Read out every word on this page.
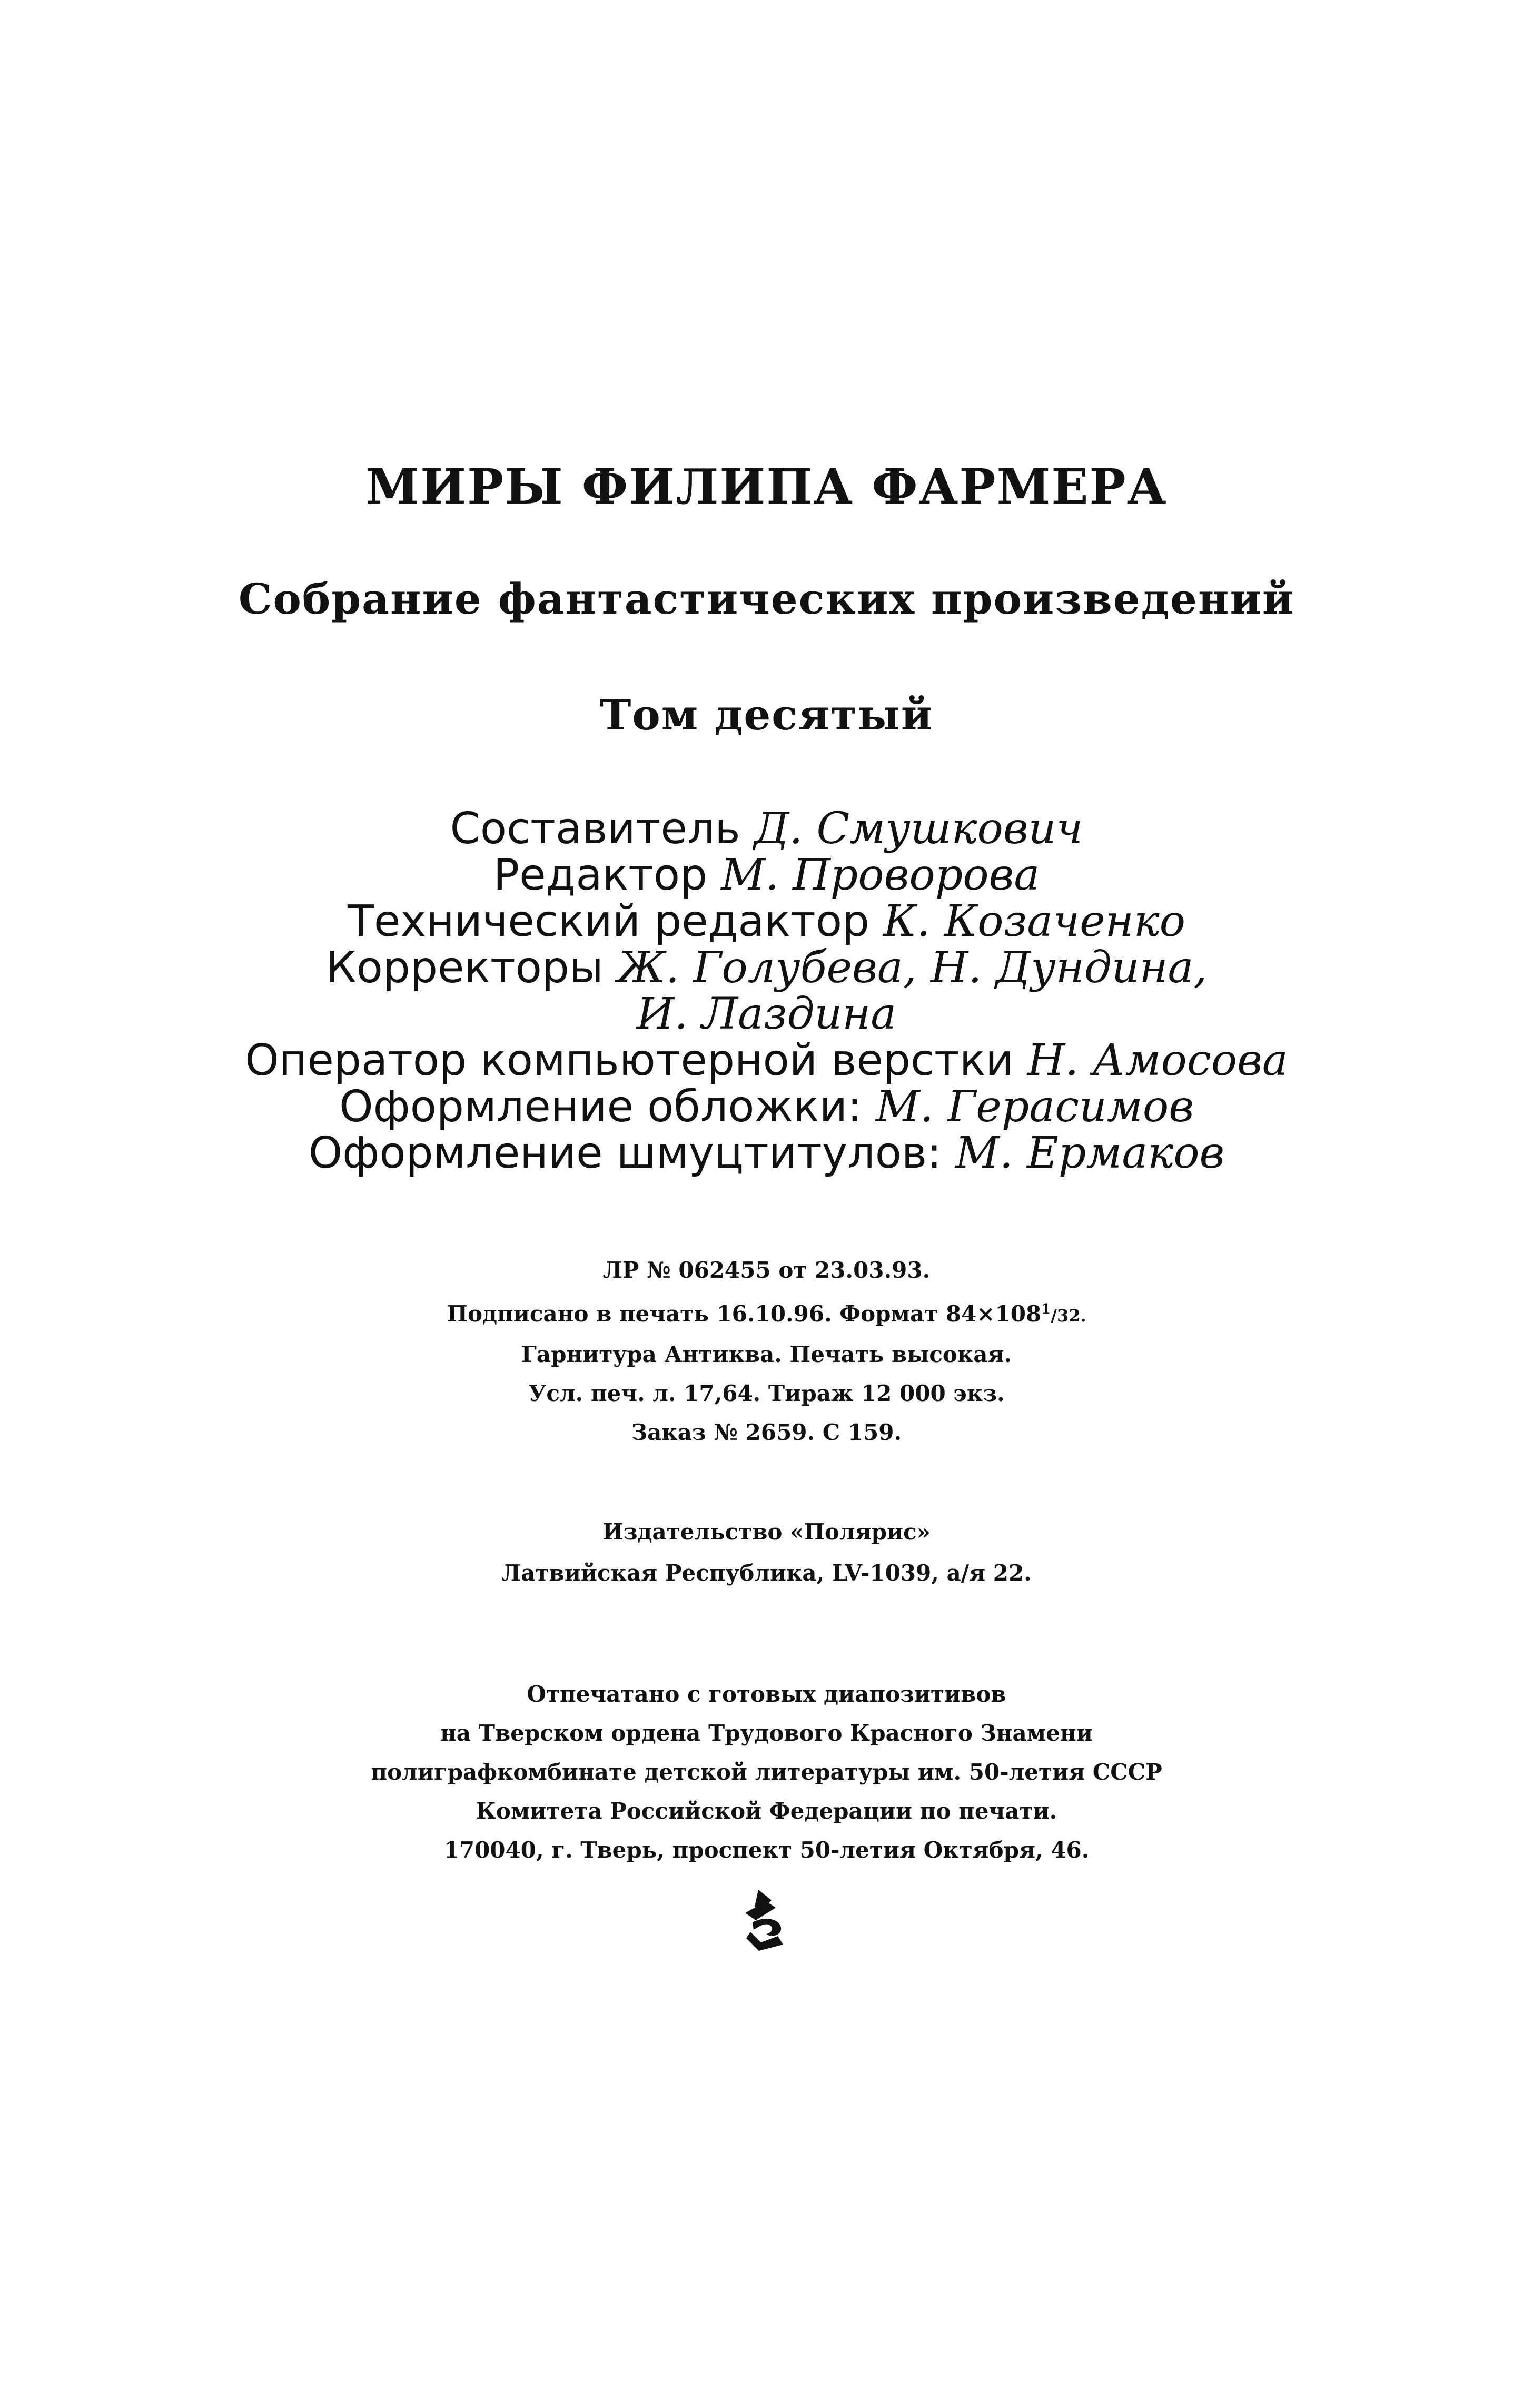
МИРЫ ФИЛИПА ФАРМЕРА
Собрание фантастических произведений
Том десятый
Составитель Д. Смушкович
Редактор М. Проворова
Технический редактор К. Козаченко
Корректоры Ж. Голубева, Н. Дундина,
И. Лаздина
Оператор компьютерной верстки Н. Амосова
Оформление обложки: М. Герасимов
Оформление шмуцтитулов: М. Ермаков
ЛР № 062455 от 23.03.93.
Подписано в печать 16.10.96. Формат $84\times 108^1/32$.
Гарнитура Антиква. Печать высокая.
Усл. печ. л. 17,64. Тираж 12 000 экз.
Заказ № 2659. С 159.
Издательство «Полярис»
Латвийская Республика, LV-1039, а/я 22.
Отпечатано с готовых диапозитивов
на Тверском ордена Трудового Красного Знамени
полиграфкомбинате детской литературы им. 50-летия СССР
Комитета Российской Федерации по печати.
170040, г. Тверь, проспект 50-летия Октября, 46.
